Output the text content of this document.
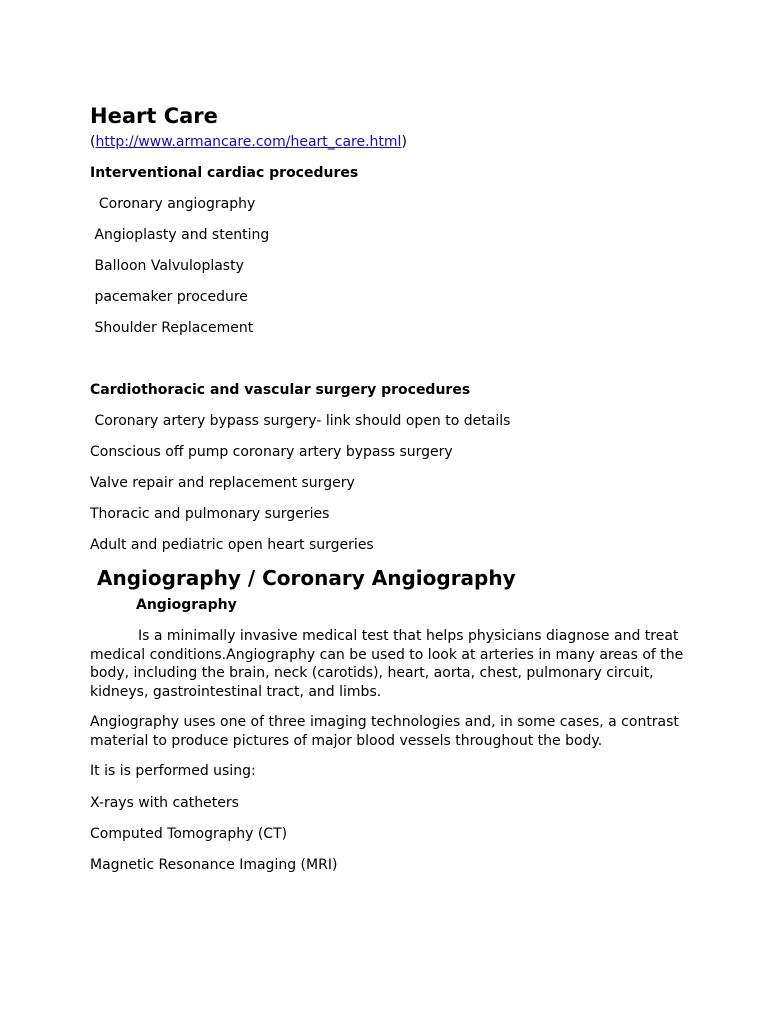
Heart Care

(http://www.armancare.com/heart_care.html)

Interventional cardiac procedures

Coronary angiography

Angioplasty and stenting

Balloon Valvuloplasty

pacemaker procedure

Shoulder Replacement

Cardiothoracic and vascular surgery procedures

Coronary artery bypass surgery- link should open to details

Conscious off pump coronary artery bypass surgery

Valve repair and replacement surgery

Thoracic and pulmonary surgeries

Adult and pediatric open heart surgeries

Angiography / Coronary Angiography

Angiography

Is a minimally invasive medical test that helps physicians diagnose and treat medical conditions.Angiography can be used to look at arteries in many areas of the body, including the brain, neck (carotids), heart, aorta, chest, pulmonary circuit, kidneys, gastrointestinal tract, and limbs.

Angiography uses one of three imaging technologies and, in some cases, a contrast material to produce pictures of major blood vessels throughout the body.

It is is performed using:

X-rays with catheters

Computed Tomography (CT)

Magnetic Resonance Imaging (MRI)
